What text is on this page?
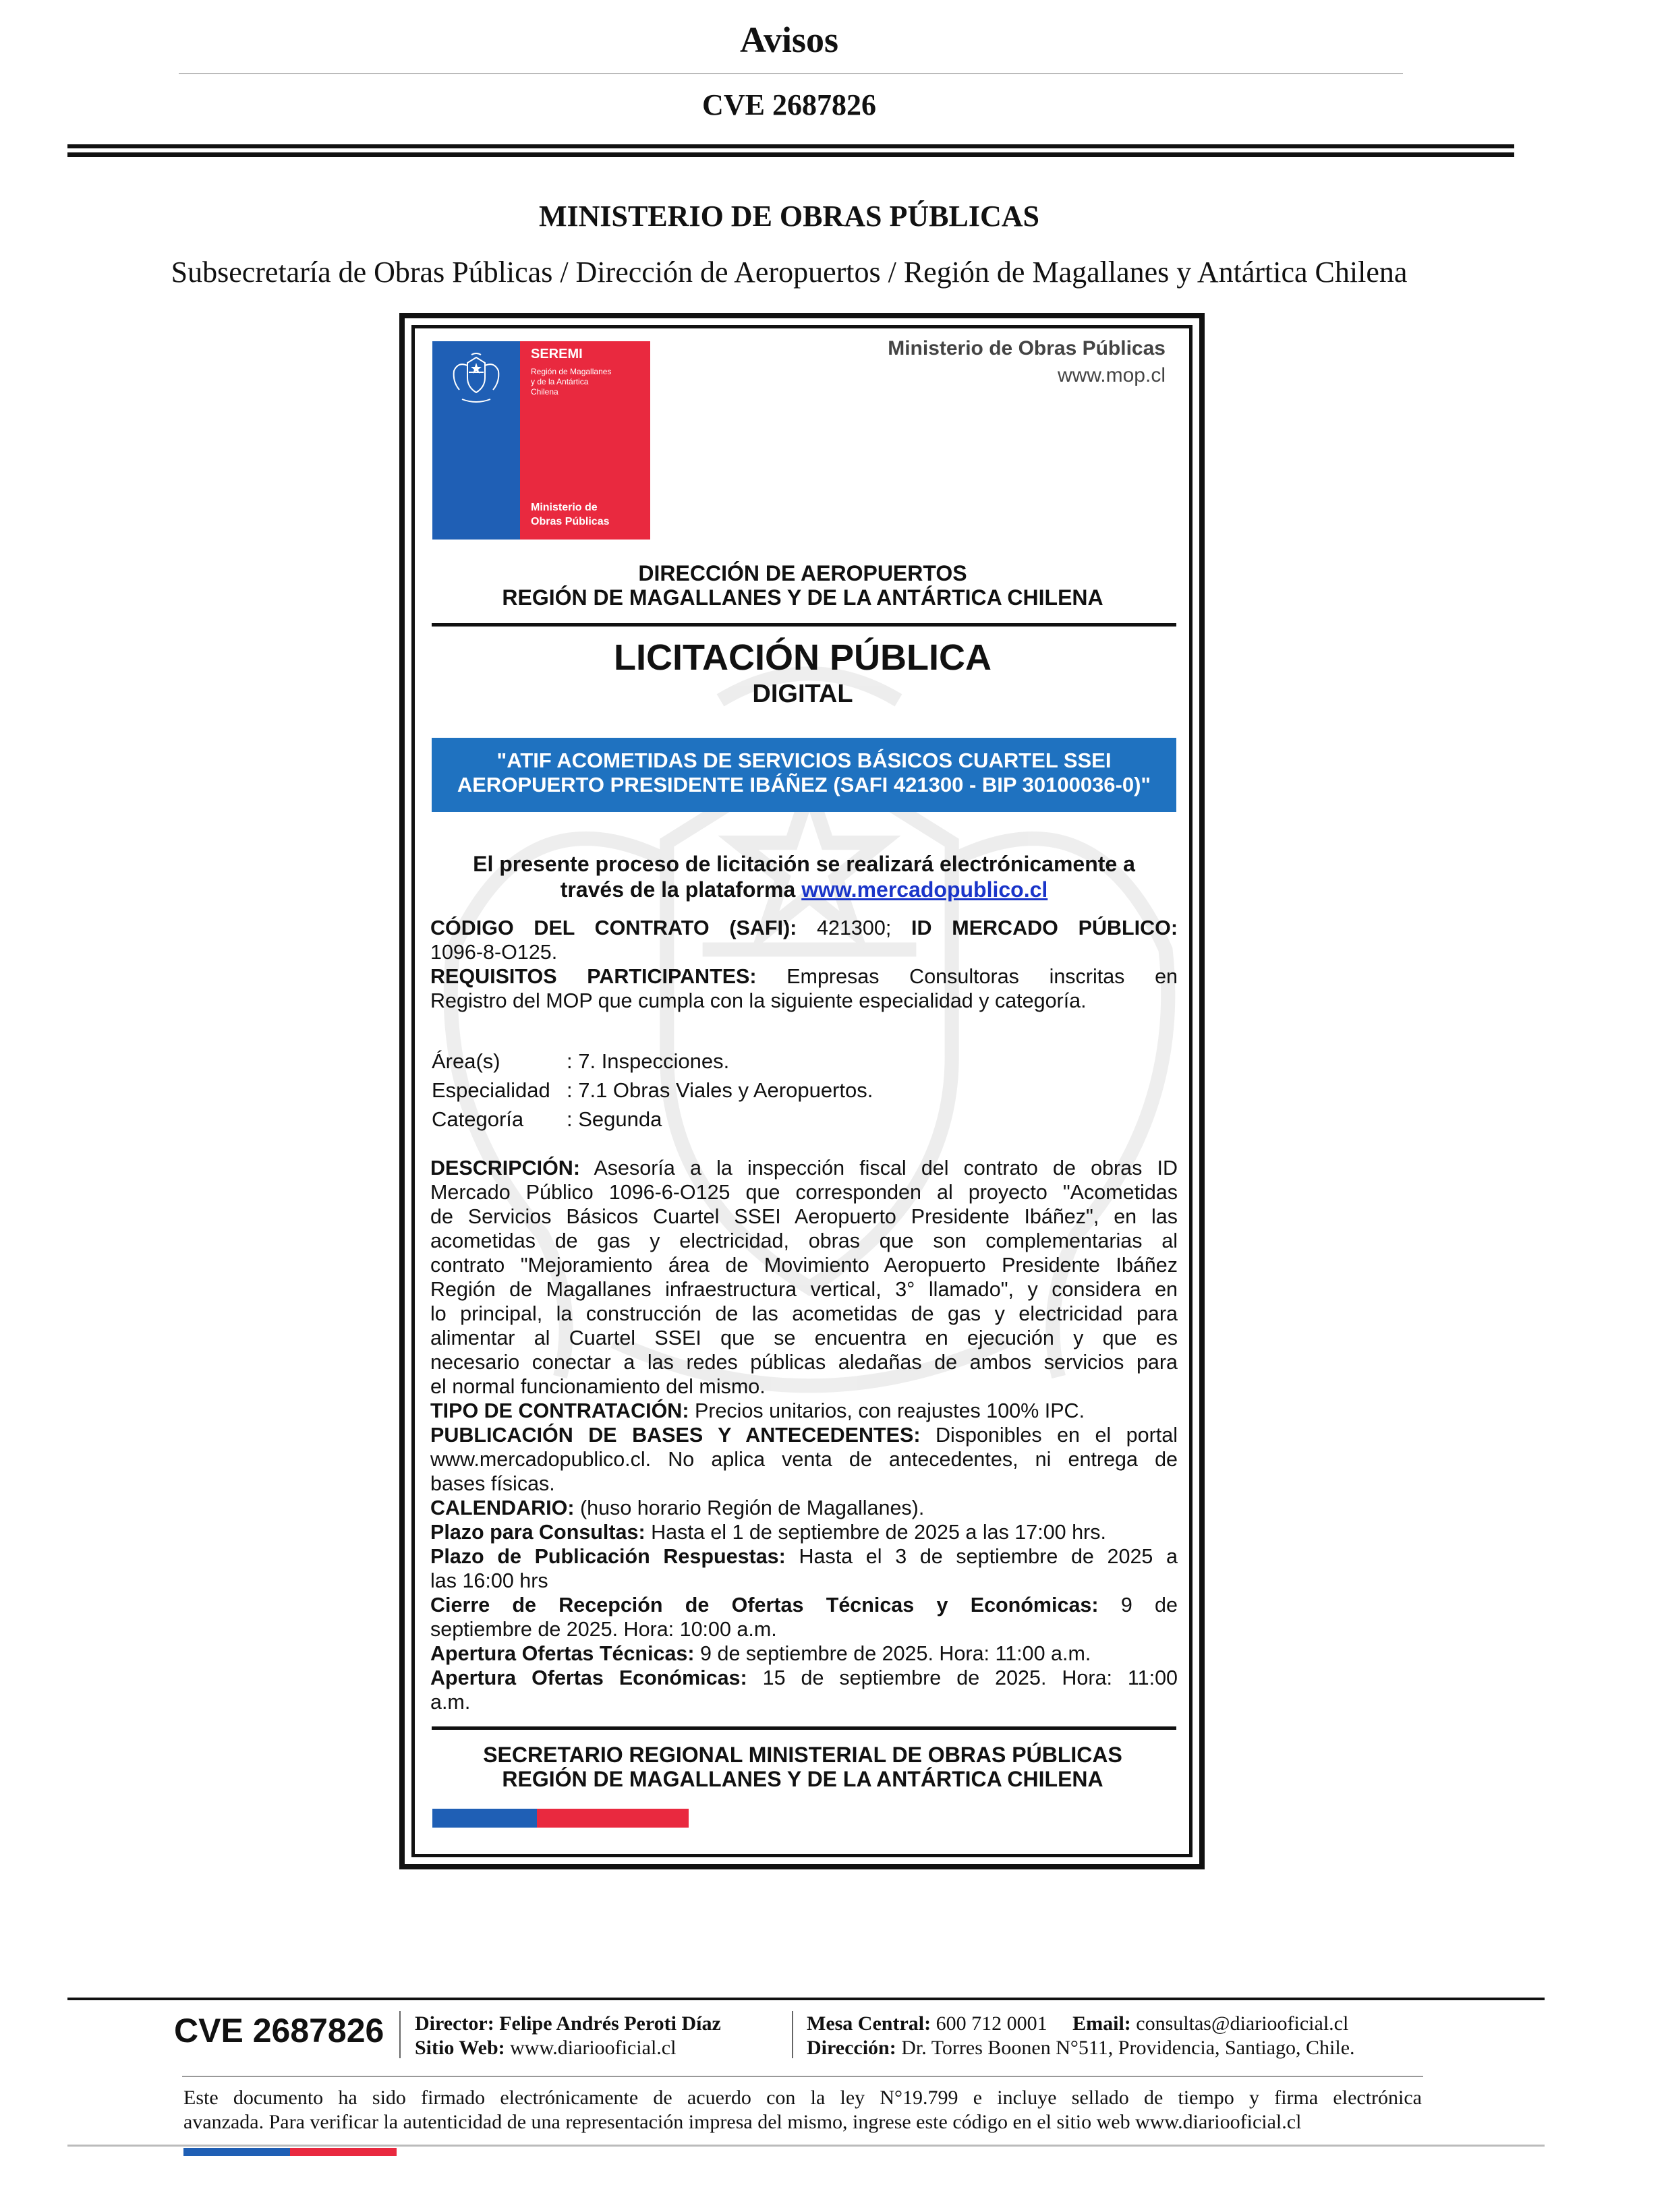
Avisos
CVE 2687826
MINISTERIO DE OBRAS PÚBLICAS
Subsecretaría de Obras Públicas / Dirección de Aeropuertos / Región de Magallanes y Antártica Chilena
SEREMI
Región de Magallanes
y de la Antártica
Chilena
Ministerio de
Obras Públicas
Ministerio de Obras Públicas
www.mop.cl
DIRECCIÓN DE AEROPUERTOS
REGIÓN DE MAGALLANES Y DE LA ANTÁRTICA CHILENA
LICITACIÓN PÚBLICA
DIGITAL
"ATIF ACOMETIDAS DE SERVICIOS BÁSICOS CUARTEL SSEI
AEROPUERTO PRESIDENTE IBÁÑEZ (SAFI 421300 - BIP 30100036-0)"
El presente proceso de licitación se realizará electrónicamente a
través de la plataforma www.mercadopublico.cl
CÓDIGO DEL CONTRATO (SAFI): 421300; ID MERCADO PÚBLICO:
1096-8-O125.
REQUISITOS PARTICIPANTES: Empresas Consultoras inscritas en
Registro del MOP que cumpla con la siguiente especialidad y categoría.
Área(s)	: 7. Inspecciones.
Especialidad : 7.1 Obras Viales y Aeropuertos.
Categoría : Segunda
DESCRIPCIÓN: Asesoría a la inspección fiscal del contrato de obras ID
Mercado Público 1096-6-O125 que corresponden al proyecto "Acometidas
de Servicios Básicos Cuartel SSEI Aeropuerto Presidente Ibáñez", en las
acometidas de gas y electricidad, obras que son complementarias al
contrato "Mejoramiento área de Movimiento Aeropuerto Presidente Ibáñez
Región de Magallanes infraestructura vertical, 3° llamado", y considera en
lo principal, la construcción de las acometidas de gas y electricidad para
alimentar al Cuartel SSEI que se encuentra en ejecución y que es
necesario conectar a las redes públicas aledañas de ambos servicios para
el normal funcionamiento del mismo.
TIPO DE CONTRATACIÓN: Precios unitarios, con reajustes 100% IPC.
PUBLICACIÓN DE BASES Y ANTECEDENTES: Disponibles en el portal
www.mercadopublico.cl. No aplica venta de antecedentes, ni entrega de
bases físicas.
CALENDARIO: (huso horario Región de Magallanes).
Plazo para Consultas: Hasta el 1 de septiembre de 2025 a las 17:00 hrs.
Plazo de Publicación Respuestas: Hasta el 3 de septiembre de 2025 a
las 16:00 hrs
Cierre de Recepción de Ofertas Técnicas y Económicas: 9 de
septiembre de 2025. Hora: 10:00 a.m.
Apertura Ofertas Técnicas: 9 de septiembre de 2025. Hora: 11:00 a.m.
Apertura Ofertas Económicas: 15 de septiembre de 2025. Hora: 11:00
a.m.
SECRETARIO REGIONAL MINISTERIAL DE OBRAS PÚBLICAS
REGIÓN DE MAGALLANES Y DE LA ANTÁRTICA CHILENA
CVE 2687826 Director: Felipe Andrés Peroti Díaz
Sitio Web: www.diariooficial.cl
Mesa Central: 600 712 0001 Email: consultas@diariooficial.cl
Dirección: Dr. Torres Boonen N°511, Providencia, Santiago, Chile.
Este documento ha sido firmado electrónicamente de acuerdo con la ley N°19.799 e incluye sellado de tiempo y firma electrónica
avanzada. Para verificar la autenticidad de una representación impresa del mismo, ingrese este código en el sitio web www.diariooficial.cl
